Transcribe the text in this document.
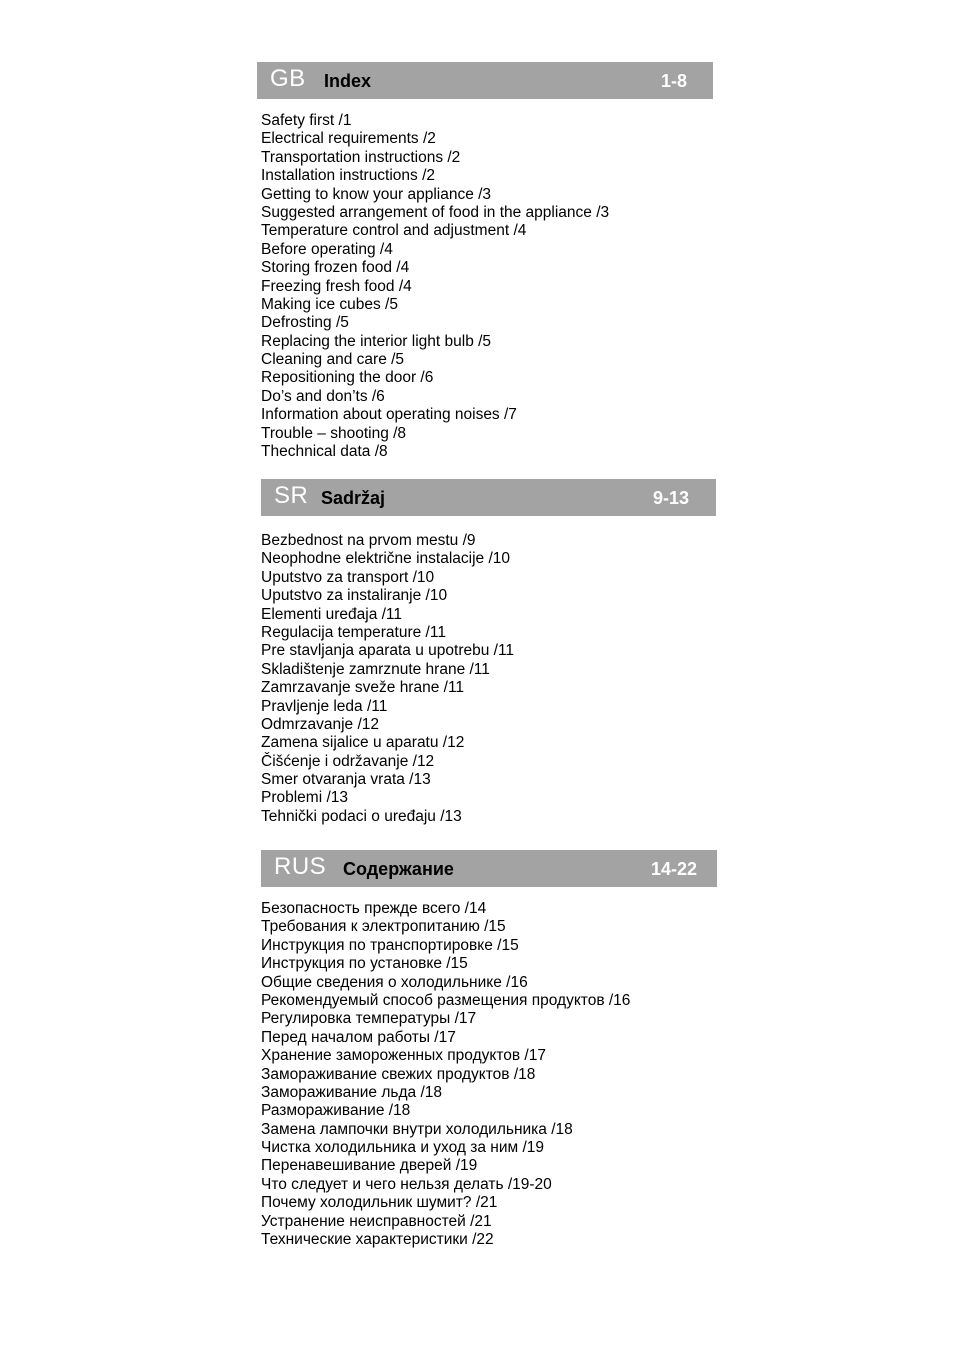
GB Index	1-8
Safety first /1
Electrical requirements /2
Transportation instructions /2
Installation instructions /2
Getting to know your appliance /3
Suggested arrangement of food in the appliance /3
Temperature control and adjustment /4
Before operating /4
Storing frozen food /4
Freezing fresh food /4
Making ice cubes /5
Defrosting /5
Replacing the interior light bulb /5
Cleaning and care /5
Repositioning the door /6
Do’s and don’ts /6
Information about operating noises /7
Trouble – shooting /8
Thechnical data /8
SR Sadržaj	9-13
Bezbednost na prvom mestu /9
Neophodne električne instalacije /10
Uputstvo za transport /10
Uputstvo za instaliranje /10
Elementi uređaja /11
Regulacija temperature /11
Pre stavljanja aparata u upotrebu /11
Skladištenje zamrznute hrane /11
Zamrzavanje sveže hrane /11
Pravljenje leda /11
Odmrzavanje /12
Zamena sijalice u aparatu /12
Čišćenje i održavanje /12
Smer otvaranja vrata /13
Problemi /13
Tehnički podaci o uređaju /13
RUS Содержание	14-22
Безопасность прежде всего /14
Требования к электропитанию /15
Инструкция по транспортировке /15
Инструкция по установке /15
Общие сведения о холодильнике /16
Рекомендуемый способ размещения продуктов /16
Регулировка температуры /17
Перед началом работы /17
Хранение замороженных продуктов /17
Замораживание свежих продуктов /18
Замораживание льда /18
Размораживание /18
Замена лампочки внутри холодильника /18
Чистка холодильника и уход за ним /19
Перенавешивание дверей /19
Что следует и чего нельзя делать /19-20
Почему холодильник шумит? /21
Устранение неисправностей /21
Технические характеристики /22
